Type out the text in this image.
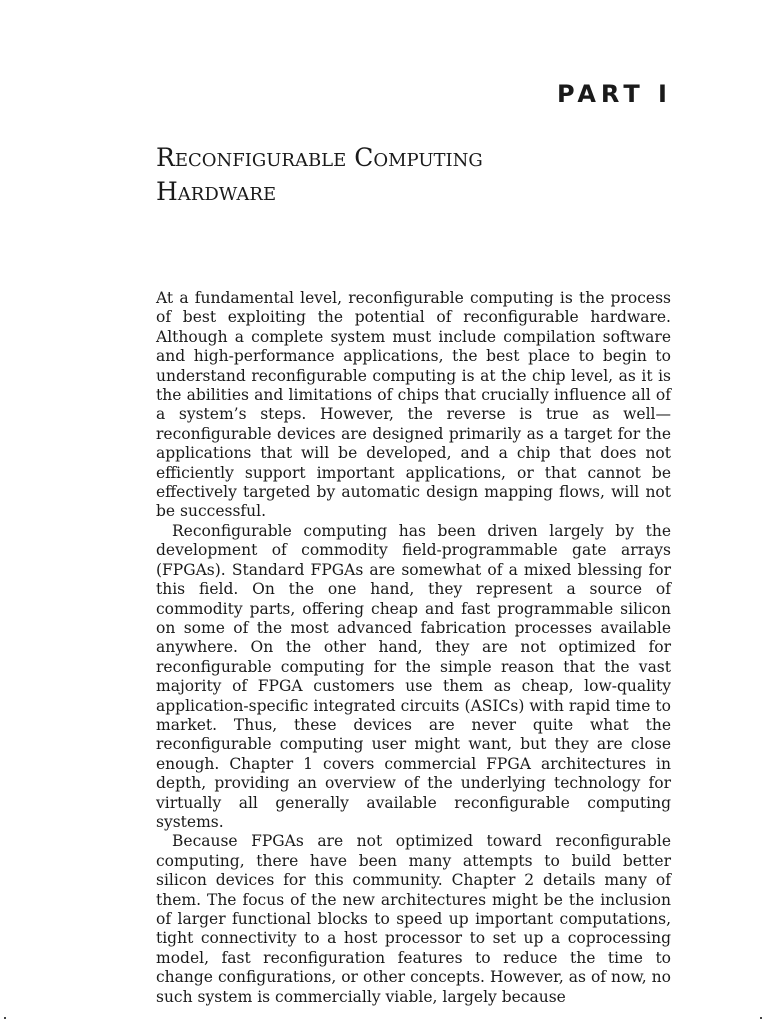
PART I
Reconfigurable Computing
Hardware

At a fundamental level, reconfigurable computing is the process of best exploiting the potential of reconfigurable hardware. Although a complete system must include compilation software and high-performance applications, the best place to begin to understand reconfigurable computing is at the chip level, as it is the abilities and limitations of chips that crucially influence all of a system’s steps. However, the reverse is true as well—reconfigurable devices are designed primarily as a target for the applications that will be developed, and a chip that does not efficiently support important applications, or that cannot be effectively targeted by automatic design mapping flows, will not be successful.

Reconfigurable computing has been driven largely by the development of commodity field-programmable gate arrays (FPGAs). Standard FPGAs are somewhat of a mixed blessing for this field. On the one hand, they represent a source of commodity parts, offering cheap and fast programmable silicon on some of the most advanced fabrication processes available anywhere. On the other hand, they are not optimized for reconfigurable computing for the simple reason that the vast majority of FPGA customers use them as cheap, low-quality application-specific integrated circuits (ASICs) with rapid time to market. Thus, these devices are never quite what the reconfigurable computing user might want, but they are close enough. Chapter 1 covers commercial FPGA architectures in depth, providing an overview of the underlying technology for virtually all generally available reconfigurable computing systems.

Because FPGAs are not optimized toward reconfigurable computing, there have been many attempts to build better silicon devices for this community. Chapter 2 details many of them. The focus of the new architectures might be the inclusion of larger functional blocks to speed up important computations, tight connectivity to a host processor to set up a coprocessing model, fast reconfiguration features to reduce the time to change configurations, or other concepts. However, as of now, no such system is commercially viable, largely because
